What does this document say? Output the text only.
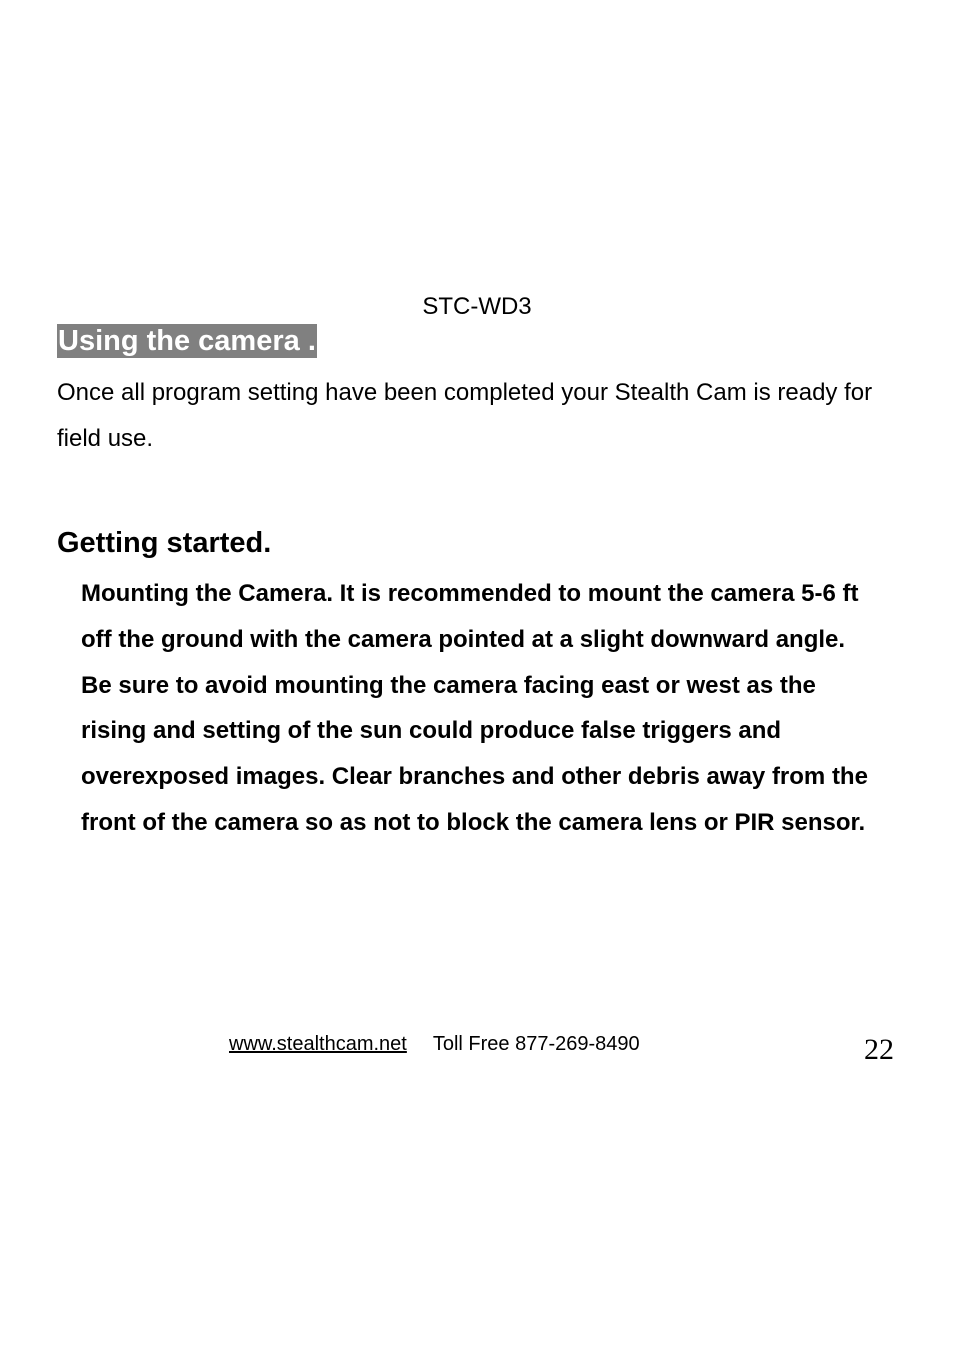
STC-WD3

Using the camera .

Once all program setting have been completed your Stealth Cam is ready for field use.

Getting started.

Mounting the Camera. It is recommended to mount the camera 5-6 ft off the ground with the camera pointed at a slight downward angle. Be sure to avoid mounting the camera facing east or west as the rising and setting of the sun could produce false triggers and overexposed images. Clear branches and other debris away from the front of the camera so as not to block the camera lens or PIR sensor.

www.stealthcam.net Toll Free 877-269-8490	22
